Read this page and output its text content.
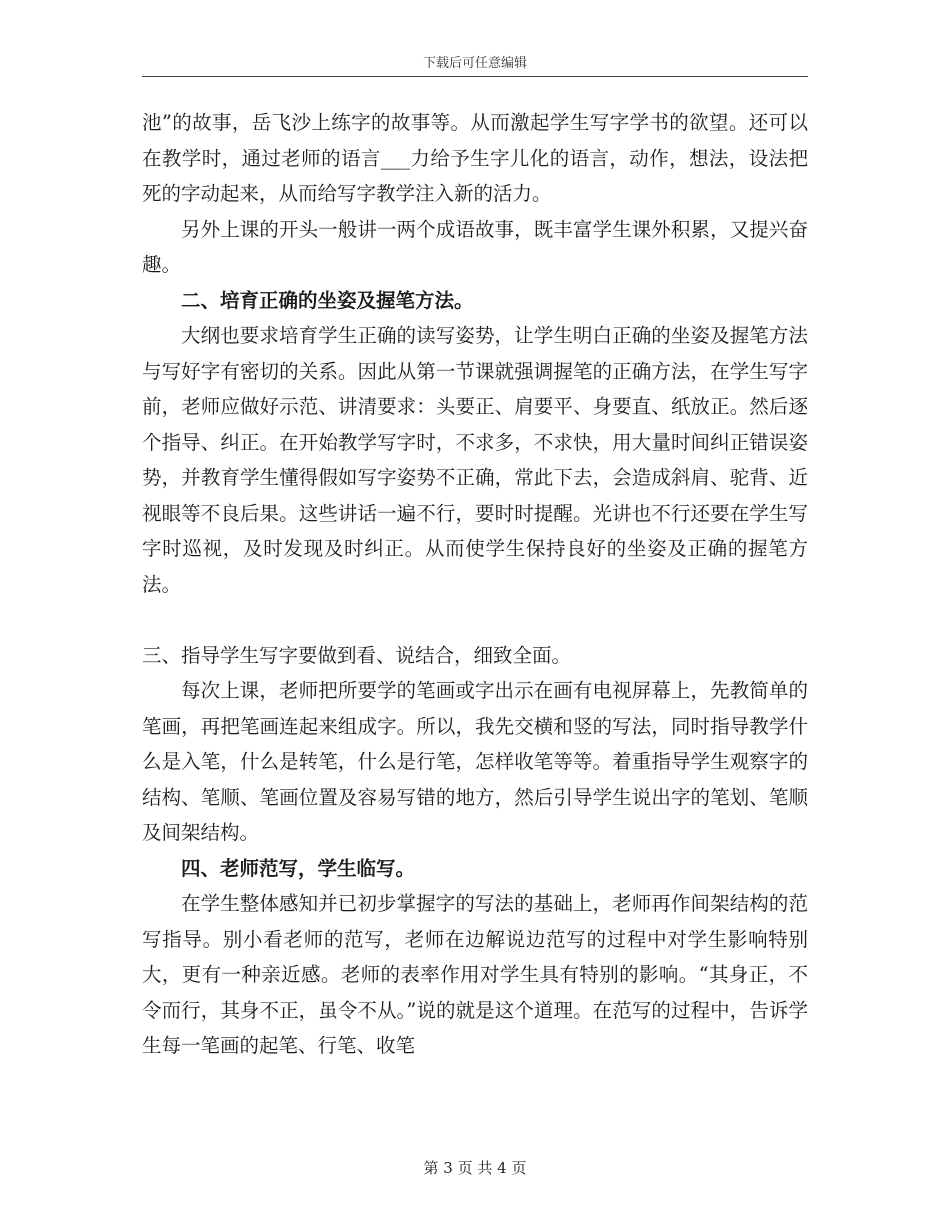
下载后可任意编辑

池”的故事，岳飞沙上练字的故事等。从而激起学生写字学书的欲望。还可以在教学时，通过老师的语言___力给予生字儿化的语言，动作，想法，设法把死的字动起来，从而给写字教学注入新的活力。

另外上课的开头一般讲一两个成语故事，既丰富学生课外积累，又提兴奋趣。

二、培育正确的坐姿及握笔方法。

大纲也要求培育学生正确的读写姿势，让学生明白正确的坐姿及握笔方法与写好字有密切的关系。因此从第一节课就强调握笔的正确方法，在学生写字前，老师应做好示范、讲清要求：头要正、肩要平、身要直、纸放正。然后逐个指导、纠正。在开始教学写字时，不求多，不求快，用大量时间纠正错误姿势，并教育学生懂得假如写字姿势不正确，常此下去，会造成斜肩、驼背、近视眼等不良后果。这些讲话一遍不行，要时时提醒。光讲也不行还要在学生写字时巡视，及时发现及时纠正。从而使学生保持良好的坐姿及正确的握笔方法。

三、指导学生写字要做到看、说结合，细致全面。

每次上课，老师把所要学的笔画或字出示在画有电视屏幕上，先教简单的笔画，再把笔画连起来组成字。所以，我先交横和竖的写法，同时指导教学什么是入笔，什么是转笔，什么是行笔，怎样收笔等等。着重指导学生观察字的结构、笔顺、笔画位置及容易写错的地方，然后引导学生说出字的笔划、笔顺及间架结构。

四、老师范写，学生临写。

在学生整体感知并已初步掌握字的写法的基础上，老师再作间架结构的范写指导。别小看老师的范写，老师在边解说边范写的过程中对学生影响特别大，更有一种亲近感。老师的表率作用对学生具有特别的影响。“其身正，不令而行，其身不正，虽令不从。”说的就是这个道理。在范写的过程中，告诉学生每一笔画的起笔、行笔、收笔

第 3 页 共 4 页
